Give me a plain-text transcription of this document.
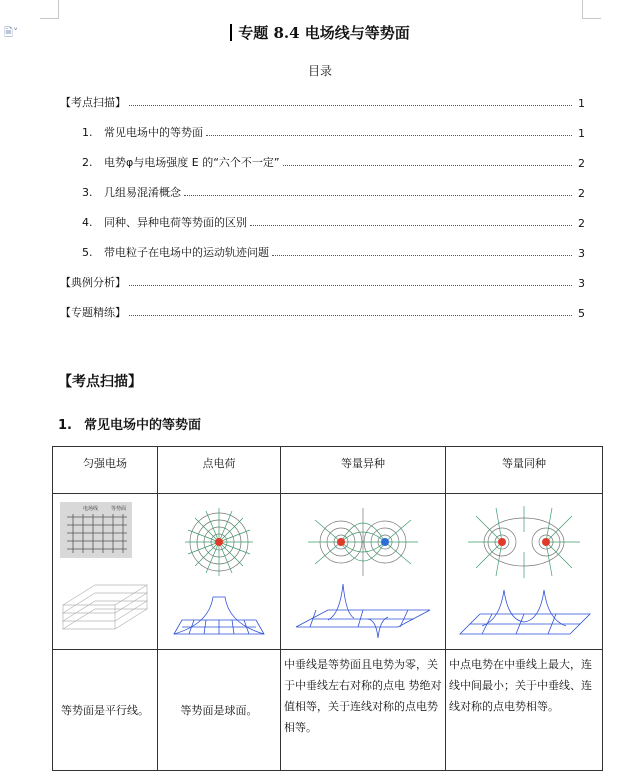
🗎˅	专题 8.4 电场线与等势面
目录
【考点扫描】	1
1. 常见电场中的等势面	1
2. 电势φ与电场强度 E 的“六个不一定”	2
3. 几组易混淆概念	2
4. 同种、异种电荷等势面的区别	2
5. 带电粒子在电场中的运动轨迹问题	3
【典例分析】	3
【专题精练】	5
【考点扫描】
1. 常见电场中的等势面
匀强电场	点电荷	等量异种	等量同种

电场线 等势面

等势面是平行线。	等势面是球面。	中垂线是等势面且电势为零，关于中垂线左右对称的点电 势绝对值相等，关于连线对称的点电势相等。	中点电势在中垂线上最大，连线中间最小；关于中垂线、连线对称的点电势相等。
